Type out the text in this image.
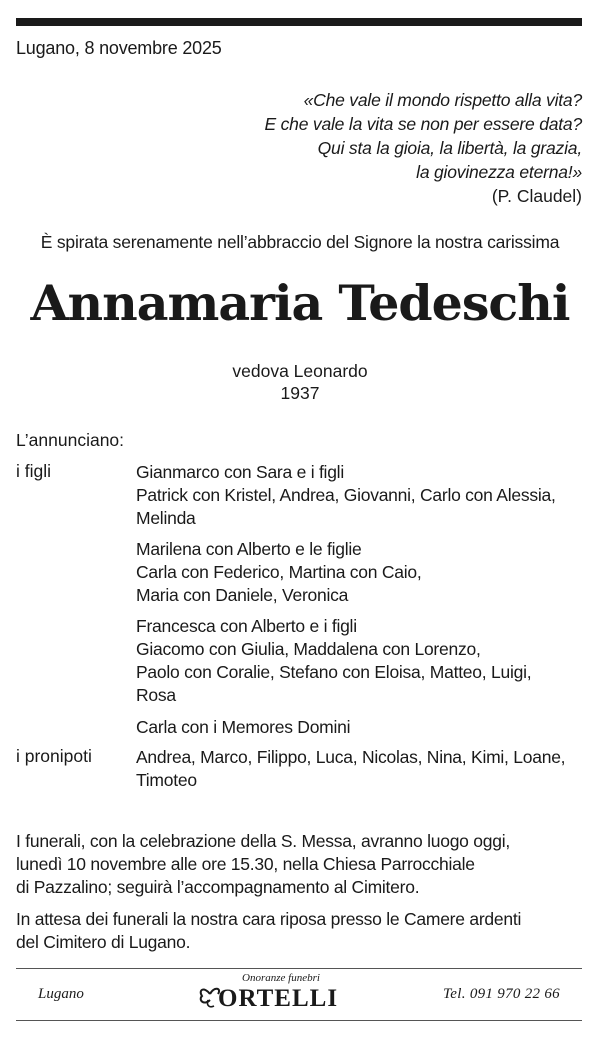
Lugano, 8 novembre 2025
«Che vale il mondo rispetto alla vita?
E che vale la vita se non per essere data?
Qui sta la gioia, la libertà, la grazia,
la giovinezza eterna!»
(P. Claudel)
È spirata serenamente nell’abbraccio del Signore la nostra carissima
Annamaria Tedeschi
vedova Leonardo
1937
L’annunciano:
i figli	Gianmarco con Sara e i figli
Patrick con Kristel, Andrea, Giovanni, Carlo con Alessia,
Melinda
Marilena con Alberto e le figlie
Carla con Federico, Martina con Caio,
Maria con Daniele, Veronica
Francesca con Alberto e i figli
Giacomo con Giulia, Maddalena con Lorenzo,
Paolo con Coralie, Stefano con Eloisa, Matteo, Luigi,
Rosa
Carla con i Memores Domini
i pronipoti	Andrea, Marco, Filippo, Luca, Nicolas, Nina, Kimi, Loane,
Timoteo
I funerali, con la celebrazione della S. Messa, avranno luogo oggi,
lunedì 10 novembre alle ore 15.30, nella Chiesa Parrocchiale
di Pazzalino; seguirà l’accompagnamento al Cimitero.
In attesa dei funerali la nostra cara riposa presso le Camere ardenti
del Cimitero di Lugano.
Lugano
Onoranze funebri
ORTELLI	Tel. 091 970 22 66
